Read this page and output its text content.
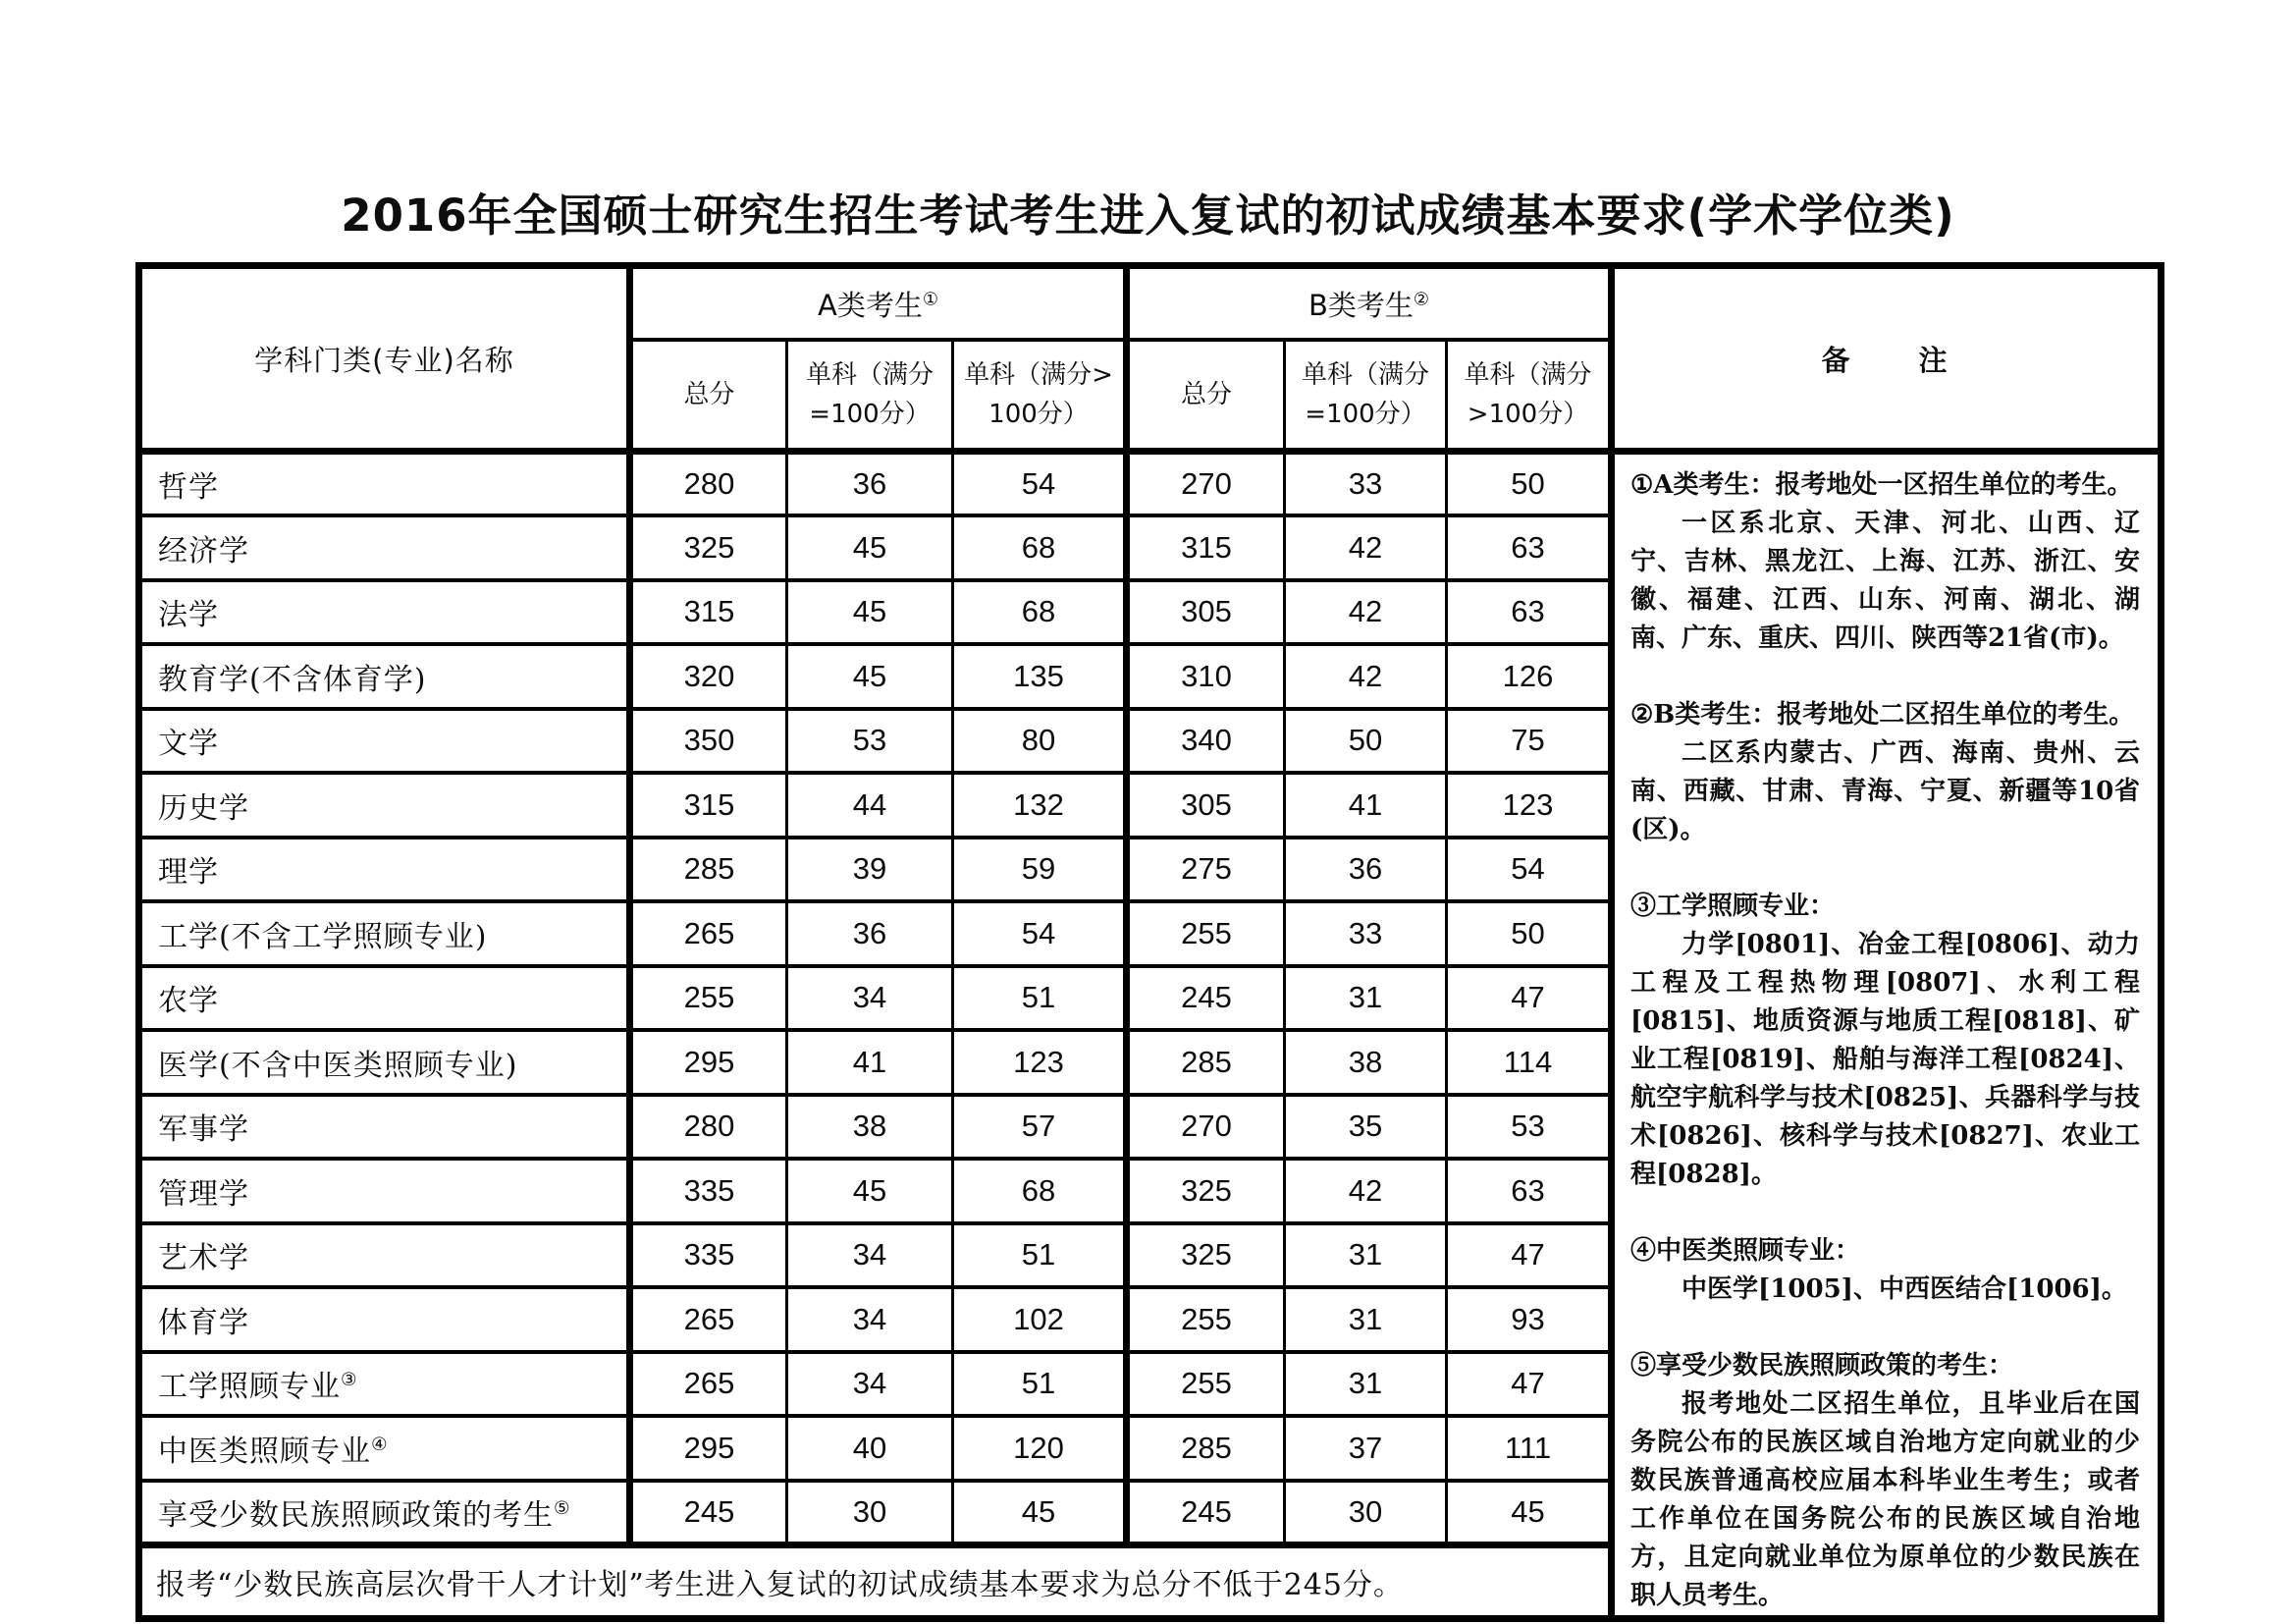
2016年全国硕士研究生招生考试考生进入复试的初试成绩基本要求(学术学位类)
学科门类(专业)名称	A类考生①			B类考生②			备　　注
	总分	单科（满分=100分）	单科（满分>100分）	总分	单科（满分=100分）	单科（满分>100分）	
哲学	280	36	54	270	33	50	①A类考生：报考地处一区招生单位的考生。

一区系北京、天津、河北、山西、辽宁、吉林、黑龙江、上海、江苏、浙江、安徽、福建、江西、山东、河南、湖北、湖南、广东、重庆、四川、陕西等21省(市)。

②B类考生：报考地处二区招生单位的考生。

二区系内蒙古、广西、海南、贵州、云南、西藏、甘肃、青海、宁夏、新疆等10省(区)。

③工学照顾专业：

力学[0801]、冶金工程[0806]、动力工程及工程热物理[0807]、水利工程[0815]、地质资源与地质工程[0818]、矿业工程[0819]、船舶与海洋工程[0824]、航空宇航科学与技术[0825]、兵器科学与技术[0826]、核科学与技术[0827]、农业工程[0828]。

④中医类照顾专业：

中医学[1005]、中西医结合[1006]。

⑤享受少数民族照顾政策的考生：

报考地处二区招生单位，且毕业后在国务院公布的民族区域自治地方定向就业的少数民族普通高校应届本科毕业生考生；或者工作单位在国务院公布的民族区域自治地方，且定向就业单位为原单位的少数民族在职人员考生。

经济学	325	45	68	315	42	63	
法学	315	45	68	305	42	63	
教育学(不含体育学)	320	45	135	310	42	126	
文学	350	53	80	340	50	75	
历史学	315	44	132	305	41	123	
理学	285	39	59	275	36	54	
工学(不含工学照顾专业)	265	36	54	255	33	50	
农学	255	34	51	245	31	47	
医学(不含中医类照顾专业)	295	41	123	285	38	114	
军事学	280	38	57	270	35	53	
管理学	335	45	68	325	42	63	
艺术学	335	34	51	325	31	47	
体育学	265	34	102	255	31	93	
工学照顾专业③	265	34	51	255	31	47	
中医类照顾专业④	295	40	120	285	37	111	
享受少数民族照顾政策的考生⑤	245	30	45	245	30	45	
报考“少数民族高层次骨干人才计划”考生进入复试的初试成绩基本要求为总分不低于245分。							
